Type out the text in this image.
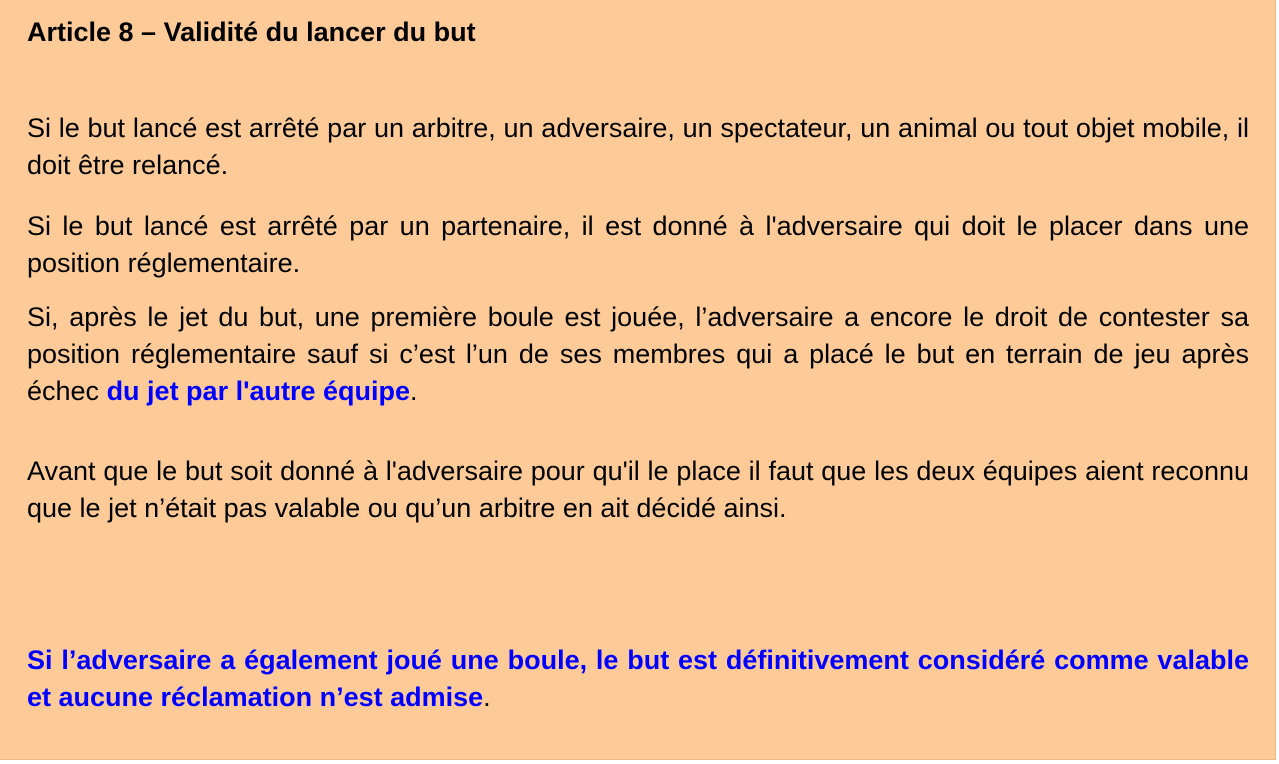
Article 8 – Validité du lancer du but

Si le but lancé est arrêté par un arbitre, un adversaire, un spectateur, un animal ou tout objet mobile, il doit être relancé.

Si le but lancé est arrêté par un partenaire, il est donné à l'adversaire qui doit le placer dans une position réglementaire.

Si, après le jet du but, une première boule est jouée, l’adversaire a encore le droit de contester sa position réglementaire sauf si c’est l’un de ses membres qui a placé le but en terrain de jeu après échec du jet par l'autre équipe.

Avant que le but soit donné à l'adversaire pour qu'il le place il faut que les deux équipes aient reconnu que le jet n’était pas valable ou qu’un arbitre en ait décidé ainsi.

Si l’adversaire a également joué une boule, le but est définitivement considéré comme valable et aucune réclamation n’est admise.
